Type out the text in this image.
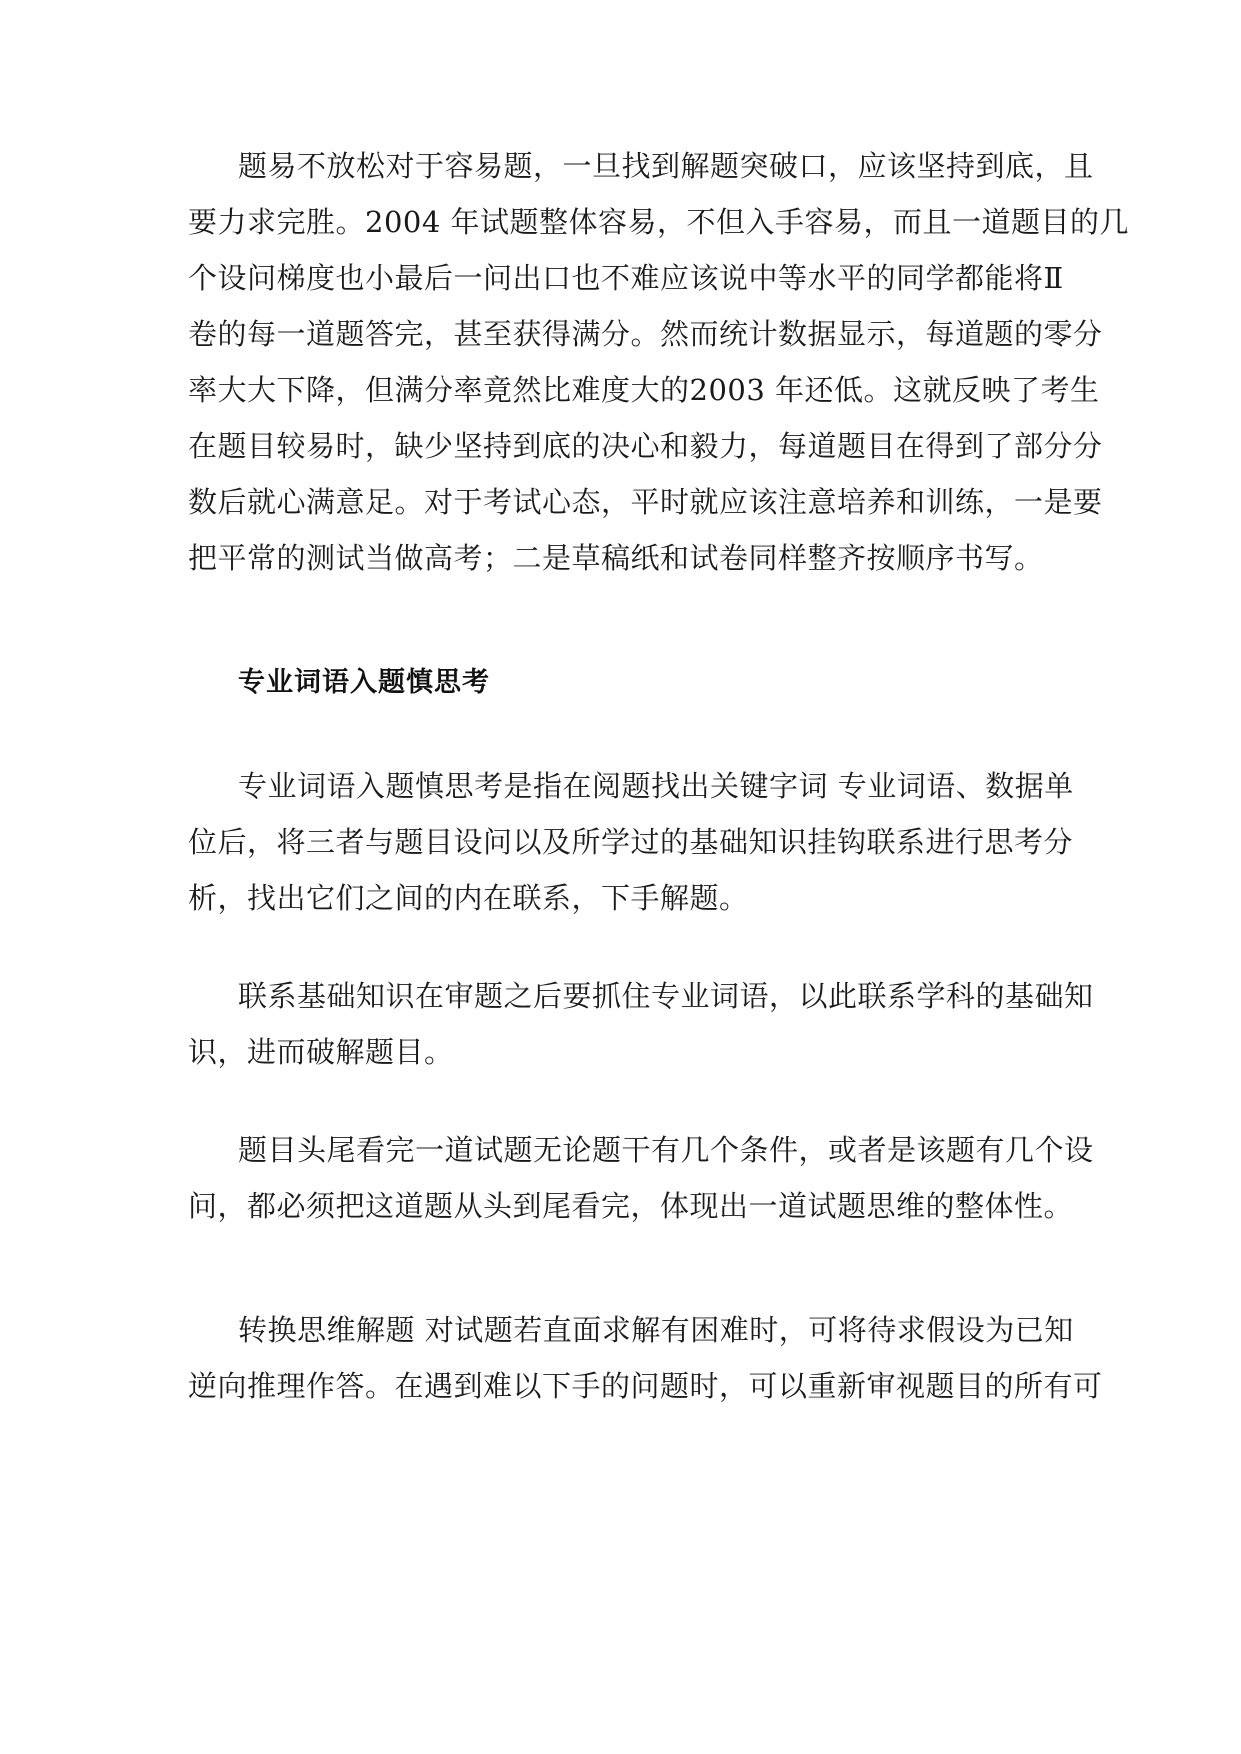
题易不放松对于容易题，一旦找到解题突破口，应该坚持到底，且
要力求完胜。2004 年试题整体容易，不但入手容易，而且一道题目的几
个设问梯度也小最后一问出口也不难应该说中等水平的同学都能将Ⅱ
卷的每一道题答完，甚至获得满分。然而统计数据显示，每道题的零分
率大大下降，但满分率竟然比难度大的2003 年还低。这就反映了考生
在题目较易时，缺少坚持到底的决心和毅力，每道题目在得到了部分分
数后就心满意足。对于考试心态，平时就应该注意培养和训练，一是要
把平常的测试当做高考；二是草稿纸和试卷同样整齐按顺序书写。
专业词语入题慎思考
专业词语入题慎思考是指在阅题找出关键字词 专业词语、数据单
位后，将三者与题目设问以及所学过的基础知识挂钩联系进行思考分
析，找出它们之间的内在联系，下手解题。
联系基础知识在审题之后要抓住专业词语，以此联系学科的基础知
识，进而破解题目。
题目头尾看完一道试题无论题干有几个条件，或者是该题有几个设
问，都必须把这道题从头到尾看完，体现出一道试题思维的整体性。
转换思维解题 对试题若直面求解有困难时，可将待求假设为已知
逆向推理作答。在遇到难以下手的问题时，可以重新审视题目的所有可
